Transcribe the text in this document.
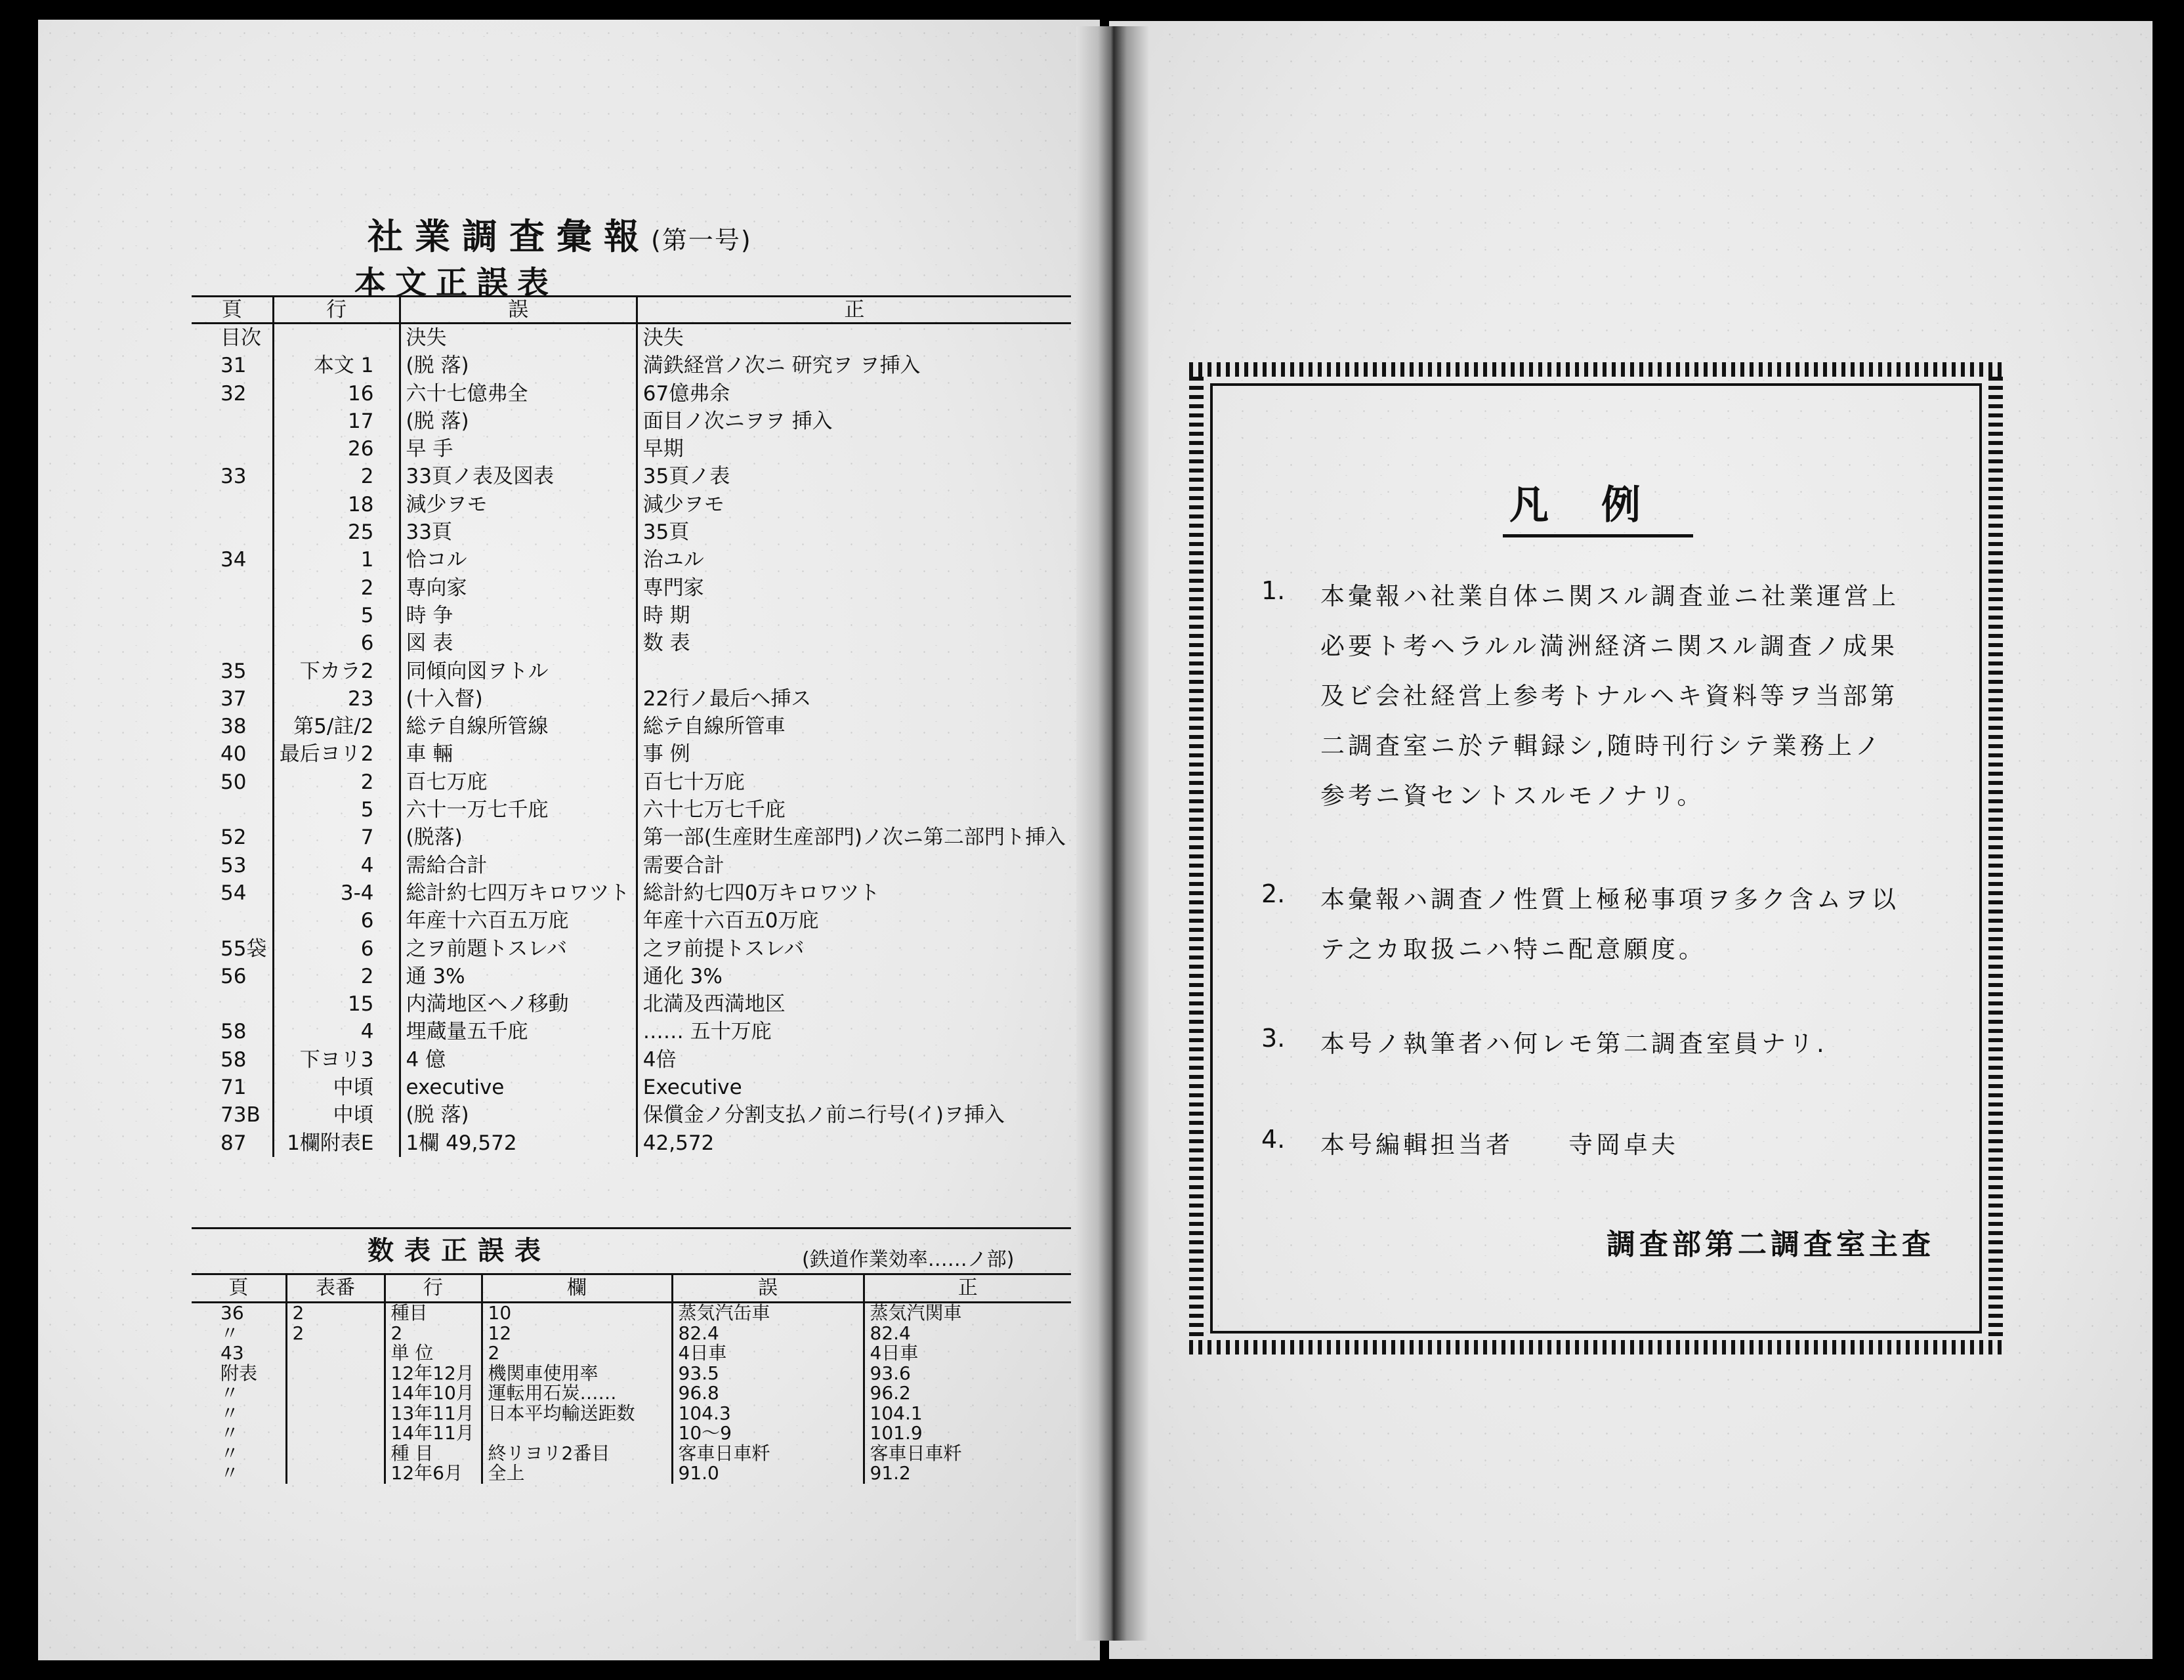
社業調査彙報(第一号)
本文正誤表
頁	行	誤	正
目次		決失	決失
31	本文 1	(脱 落)	満鉄経営ノ次ニ 研究ヲ ヲ挿入
32	16	六十七億弗全	67億弗余
	17	(脱 落)	面目ノ次ニヲヲ 挿入
	26	早 手	早期
33	2	33頁ノ表及図表	35頁ノ表
	18	減少ヲモ	減少ヲモ
	25	33頁	35頁
34	1	恰コル	治ユル
	2	専向家	専門家
	5	時 争	時 期
	6	図 表	数 表
35	下カラ2	同傾向図ヲトル	
37	23	(十入督)	22行ノ最后ヘ挿ス
38	第5/註/2	総テ自線所管線	総テ自線所管車
40	最后ヨリ2	車 輛	事 例
50	2	百七万庇	百七十万庇
	5	六十一万七千庇	六十七万七千庇
52	7	(脱落)	第一部(生産財生産部門)ノ次ニ第二部門ト挿入
53	4	需給合計	需要合計
54	3-4	総計約七四万キロワツト	総計約七四0万キロワツト
	6	年産十六百五万庇	年産十六百五0万庇
55袋	6	之ヲ前題トスレバ	之ヲ前提トスレバ
56	2	通 3%	通化 3%
	15	内満地区ヘノ移動	北満及西満地区
58	4	埋蔵量五千庇	…… 五十万庇
58	下ヨリ3	4 億	4倍
71	中頃	executive	Executive
73B	中頃	(脱 落)	保償金ノ分割支払ノ前ニ行号(イ)ヲ挿入
87	1欄附表E	1欄 49,572	42,572
数表正誤表	(鉄道作業効率……ノ部)
頁	表番	行	欄	誤	正
36	2	種目	10	蒸気汽缶車	蒸気汽関車
〃	2	2	12	82.4	82.4
43		単 位	2	4日車	4日車
附表		12年12月	機関車使用率	93.5	93.6
〃		14年10月	運転用石炭……	96.8	96.2
〃		13年11月	日本平均輸送距数	104.3	104.1
〃		14年11月		10〜9	101.9
〃		種 目	終リヨリ2番目	客車日車粁	客車日車粁
〃		12年6月	全上	91.0	91.2
凡例
1. 本彙報ハ社業自体ニ関スル調査並ニ社業運営上
必要ト考ヘラルル満洲経済ニ関スル調査ノ成果
及ビ会社経営上参考トナルヘキ資料等ヲ当部第
二調査室ニ於テ輯録シ,随時刊行シテ業務上ノ
参考ニ資セントスルモノナリ。
2. 本彙報ハ調査ノ性質上極秘事項ヲ多ク含ムヲ以
テ之カ取扱ニハ特ニ配意願度。
3. 本号ノ執筆者ハ何レモ第二調査室員ナリ.
4. 本号編輯担当者　　寺岡卓夫
調査部第二調査室主査
